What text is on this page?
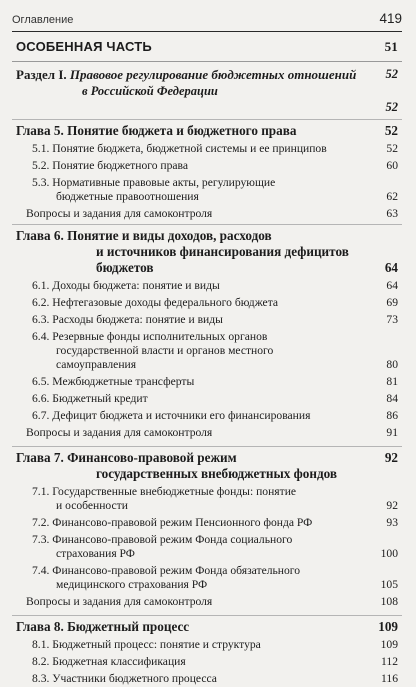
Оглавление	419
ОСОБЕННАЯ ЧАСТЬ	51
Раздел I. Правовое регулирование бюджетных отношений
в Российской Федерации
52
52
Глава 5. Понятие бюджета и бюджетного права	52
5.1. Понятие бюджета, бюджетной системы и ее принципов	52
5.2. Понятие бюджетного права	60
5.3. Нормативные правовые акты, регулирующие
бюджетные правоотношения	62
Вопросы и задания для самоконтроля	63
Глава 6. Понятие и виды доходов, расходов
и источников финансирования дефицитов
бюджетов	64
6.1. Доходы бюджета: понятие и виды	64
6.2. Нефтегазовые доходы федерального бюджета	69
6.3. Расходы бюджета: понятие и виды	73
6.4. Резервные фонды исполнительных органов
государственной власти и органов местного
самоуправления	80
6.5. Межбюджетные трансферты	81
6.6. Бюджетный кредит	84
6.7. Дефицит бюджета и источники его финансирования	86
Вопросы и задания для самоконтроля	91
Глава 7. Финансово-правовой режим
государственных внебюджетных фондов
92
7.1. Государственные внебюджетные фонды: понятие
и особенности	92
7.2. Финансово-правовой режим Пенсионного фонда РФ	93
7.3. Финансово-правовой режим Фонда социального
страхования РФ	100
7.4. Финансово-правовой режим Фонда обязательного
медицинского страхования РФ	105
Вопросы и задания для самоконтроля	108
Глава 8. Бюджетный процесс	109
8.1. Бюджетный процесс: понятие и структура	109
8.2. Бюджетная классификация	112
8.3. Участники бюджетного процесса	116
